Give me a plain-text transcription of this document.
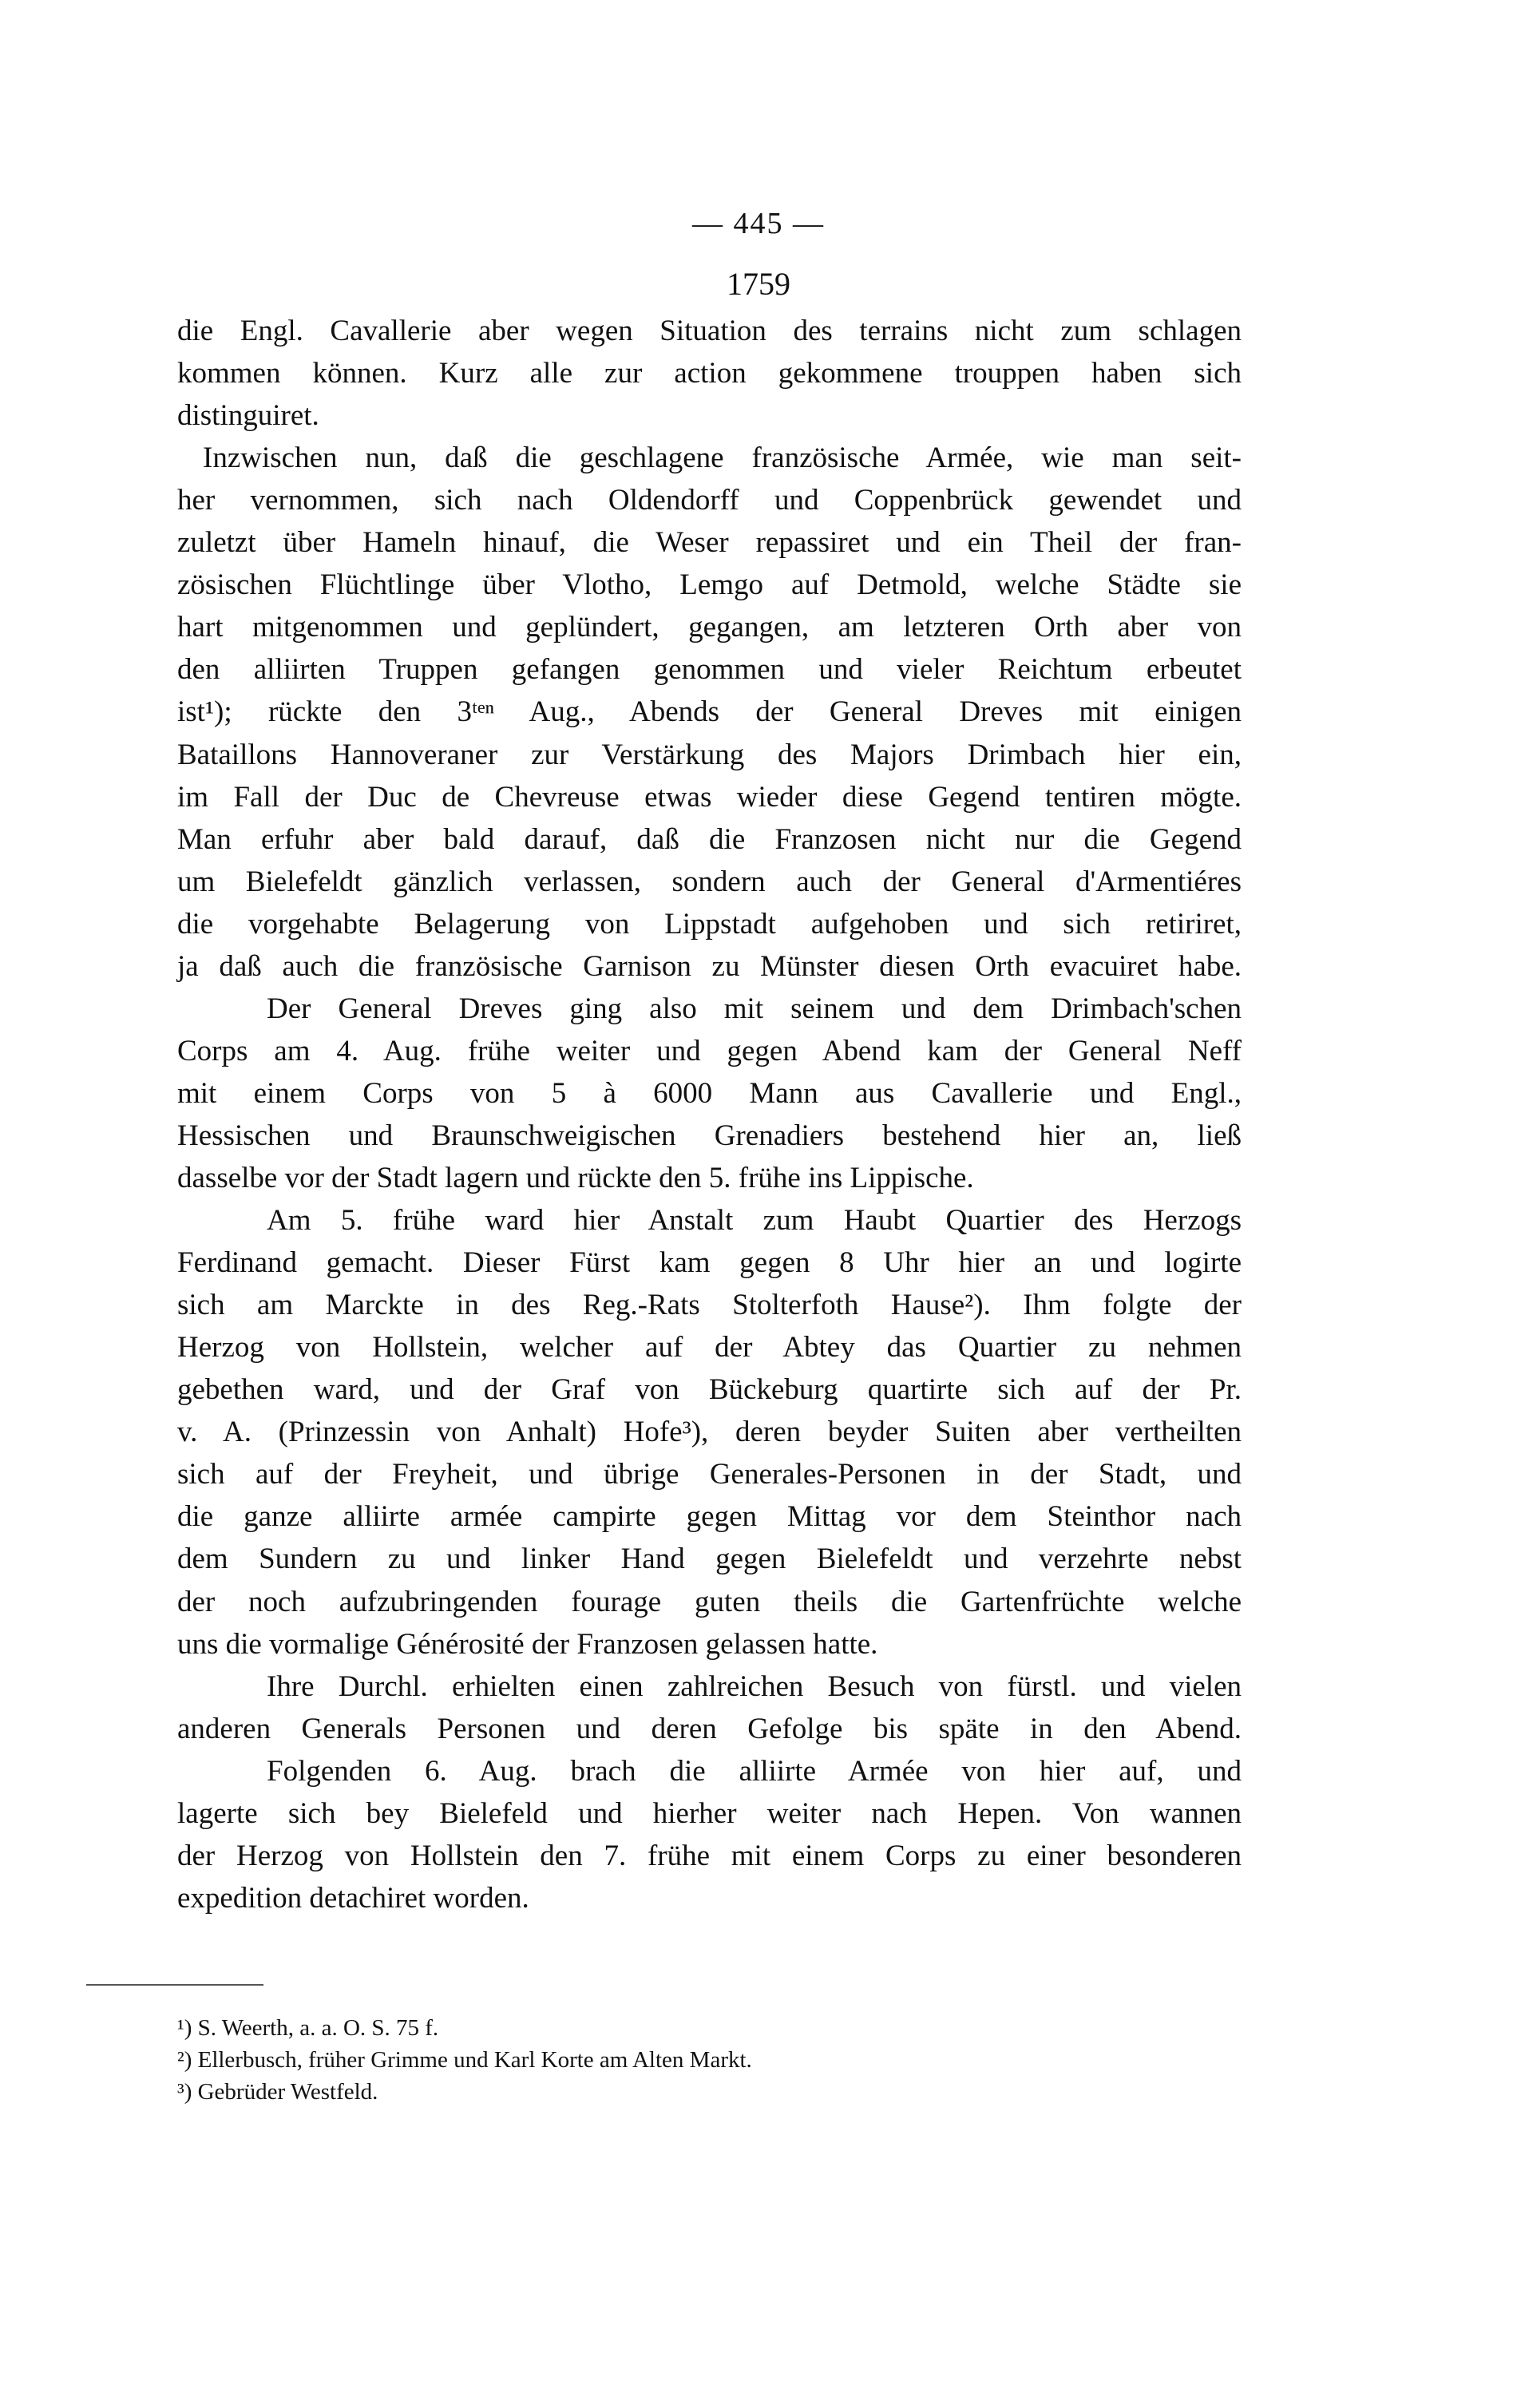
— 445 —
1759
die Engl. Cavallerie aber wegen Situation des terrains nicht zum schlagen
kommen können. Kurz alle zur action gekommene trouppen haben sich
distinguiret.
Inzwischen nun, daß die geschlagene französische Armée, wie man seit-
her vernommen, sich nach Oldendorff und Coppenbrück gewendet und
zuletzt über Hameln hinauf, die Weser repassiret und ein Theil der fran-
zösischen Flüchtlinge über Vlotho, Lemgo auf Detmold, welche Städte sie
hart mitgenommen und geplündert, gegangen, am letzteren Orth aber von
den alliirten Truppen gefangen genommen und vieler Reichtum erbeutet
ist¹); rückte den 3ᵗᵉⁿ Aug., Abends der General Dreves mit einigen
Bataillons Hannoveraner zur Verstärkung des Majors Drimbach hier ein,
im Fall der Duc de Chevreuse etwas wieder diese Gegend tentiren mögte.
Man erfuhr aber bald darauf, daß die Franzosen nicht nur die Gegend
um Bielefeldt gänzlich verlassen, sondern auch der General d'Armentiéres
die vorgehabte Belagerung von Lippstadt aufgehoben und sich retiriret,
ja daß auch die französische Garnison zu Münster diesen Orth evacuiret habe.
Der General Dreves ging also mit seinem und dem Drimbach'schen
Corps am 4. Aug. frühe weiter und gegen Abend kam der General Neff
mit einem Corps von 5 à 6000 Mann aus Cavallerie und Engl.,
Hessischen und Braunschweigischen Grenadiers bestehend hier an, ließ
dasselbe vor der Stadt lagern und rückte den 5. frühe ins Lippische.
Am 5. frühe ward hier Anstalt zum Haubt Quartier des Herzogs
Ferdinand gemacht. Dieser Fürst kam gegen 8 Uhr hier an und logirte
sich am Marckte in des Reg.-Rats Stolterfoth Hause²). Ihm folgte der
Herzog von Hollstein, welcher auf der Abtey das Quartier zu nehmen
gebethen ward, und der Graf von Bückeburg quartirte sich auf der Pr.
v. A. (Prinzessin von Anhalt) Hofe³), deren beyder Suiten aber vertheilten
sich auf der Freyheit, und übrige Generales-Personen in der Stadt, und
die ganze alliirte armée campirte gegen Mittag vor dem Steinthor nach
dem Sundern zu und linker Hand gegen Bielefeldt und verzehrte nebst
der noch aufzubringenden fourage guten theils die Gartenfrüchte welche
uns die vormalige Générosité der Franzosen gelassen hatte.
Ihre Durchl. erhielten einen zahlreichen Besuch von fürstl. und vielen
anderen Generals Personen und deren Gefolge bis späte in den Abend.
Folgenden 6. Aug. brach die alliirte Armée von hier auf, und
lagerte sich bey Bielefeld und hierher weiter nach Hepen. Von wannen
der Herzog von Hollstein den 7. frühe mit einem Corps zu einer besonderen
expedition detachiret worden.
¹) S. Weerth, a. a. O. S. 75 f.
²) Ellerbusch, früher Grimme und Karl Korte am Alten Markt.
³) Gebrüder Westfeld.
